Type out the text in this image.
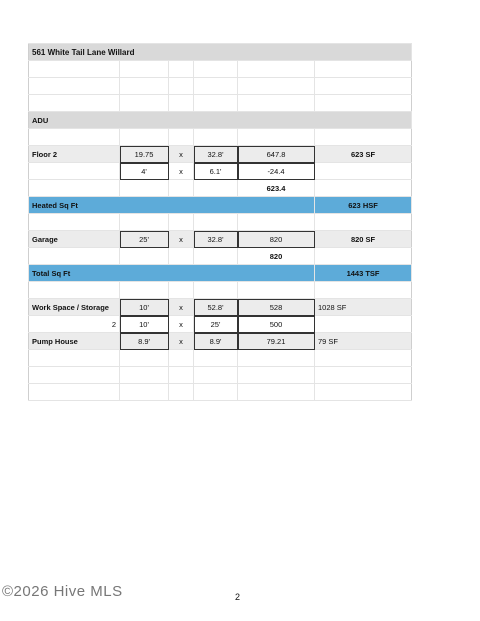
561 White Tail Lane Willard					

ADU					

Floor 2	19.75	x	32.8'	647.8	623 SF
	4'	x	6.1'	-24.4	
				623.4	
Heated Sq Ft					623 HSF

Garage	25'	x	32.8'	820	820 SF
				820	
Total Sq Ft					1443 TSF

Work Space / Storage	10'	x	52.8'	528	1028 SF
2	10'	x	25'	500	
Pump House	8.9'	x	8.9'	79.21	79 SF

2
©2026 Hive MLS
